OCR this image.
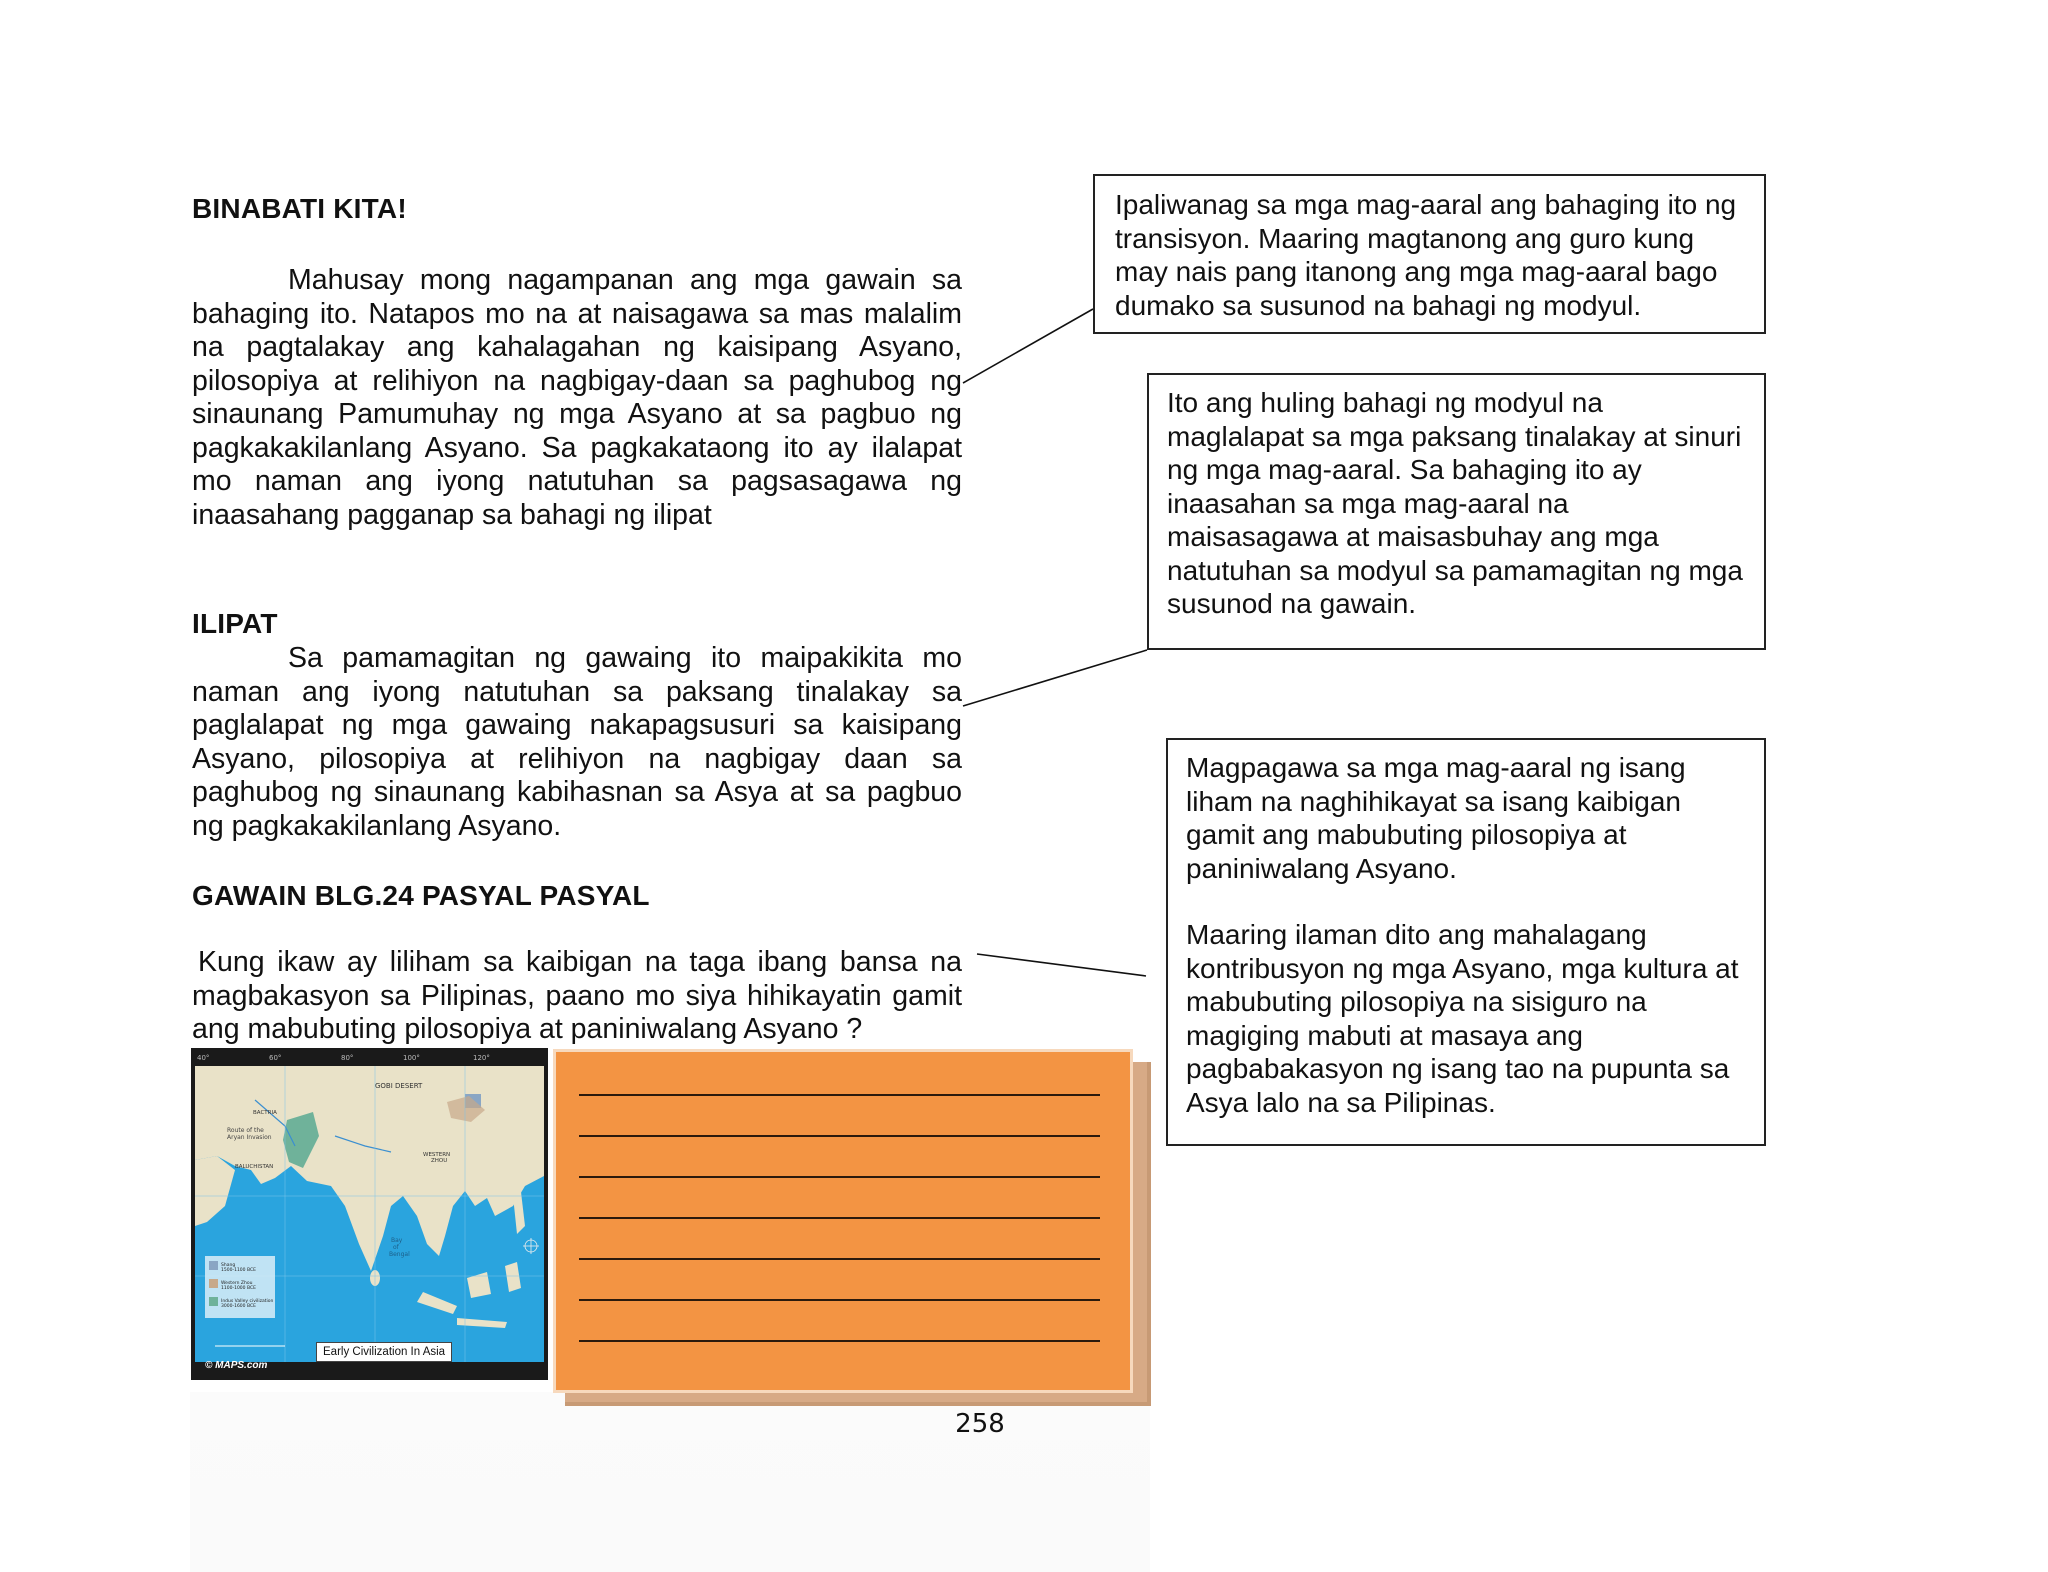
BINABATI KITA!
Mahusay mong nagampanan ang mga gawain sa bahaging ito. Natapos mo na at naisagawa sa mas malalim na pagtalakay ang kahalagahan ng kaisipang Asyano, pilosopiya at relihiyon na nagbigay-daan sa paghubog ng sinaunang Pamumuhay ng mga Asyano at sa pagbuo ng pagkakakilanlang Asyano. Sa pagkakataong ito ay ilalapat mo naman ang iyong natutuhan sa pagsasagawa ng inaasahang pagganap sa bahagi ng ilipat
ILIPAT
Sa pamamagitan ng gawaing ito maipakikita mo naman ang iyong natutuhan sa paksang tinalakay sa paglalapat ng mga gawaing nakapagsusuri sa kaisipang Asyano, pilosopiya at relihiyon na nagbigay daan sa paghubog ng sinaunang kabihasnan sa Asya at sa pagbuo ng pagkakakilanlang Asyano.
GAWAIN BLG.24 PASYAL PASYAL
Kung ikaw ay liliham sa kaibigan na taga ibang bansa na magbakasyon sa Pilipinas, paano mo siya hihikayatin gamit ang mabubuting pilosopiya at paniniwalang Asyano ?
40°	60°	80°	100°	120°
GOBI DESERT
Route of the
Aryan Invasion
BACTRIA
BALUCHISTAN
Bay
of
Bengal
WESTERN
ZHOU
Shang
1500-1100 BCE
Western Zhou
1100-1000 BCE
Indus Valley civilization
3000-1600 BCE
Early Civilization In Asia
© MAPS.com

Ipaliwanag sa mga mag-aaral ang bahaging ito ng transisyon. Maaring magtanong ang guro kung may nais pang itanong ang mga mag-aaral bago dumako sa susunod na bahagi ng modyul.

Ito ang huling bahagi ng modyul na maglalapat sa mga paksang tinalakay at sinuri ng mga mag-aaral. Sa bahaging ito ay inaasahan sa mga mag-aaral na maisasagawa at maisasbuhay ang mga natutuhan sa modyul sa pamamagitan ng mga susunod na gawain.

Magpagawa sa mga mag-aaral ng isang liham na naghihikayat sa isang kaibigan gamit ang mabubuting pilosopiya at paniniwalang Asyano.

Maaring ilaman dito ang mahalagang kontribusyon ng mga Asyano, mga kultura at mabubuting pilosopiya na sisiguro na magiging mabuti at masaya ang pagbabakasyon ng isang tao na pupunta sa Asya lalo na sa Pilipinas.

258
